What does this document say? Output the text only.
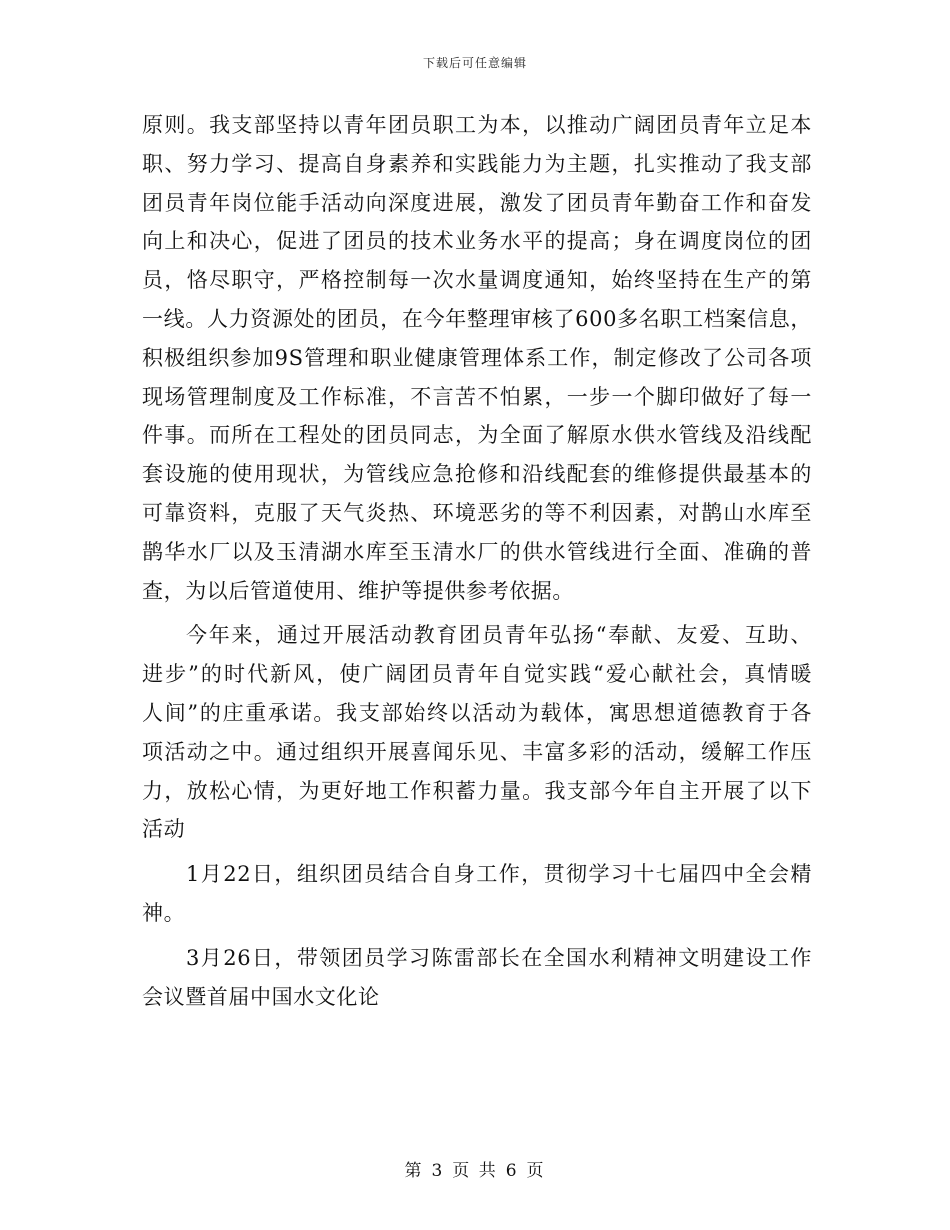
下载后可任意编辑
原则。我支部坚持以青年团员职工为本，以推动广阔团员青年立足本
职、努力学习、提高自身素养和实践能力为主题，扎实推动了我支部
团员青年岗位能手活动向深度进展，激发了团员青年勤奋工作和奋发
向上和决心，促进了团员的技术业务水平的提高；身在调度岗位的团
员，恪尽职守，严格控制每一次水量调度通知，始终坚持在生产的第
一线。人力资源处的团员，在今年整理审核了600多名职工档案信息，
积极组织参加9S管理和职业健康管理体系工作，制定修改了公司各项
现场管理制度及工作标准，不言苦不怕累，一步一个脚印做好了每一
件事。而所在工程处的团员同志，为全面了解原水供水管线及沿线配
套设施的使用现状，为管线应急抢修和沿线配套的维修提供最基本的
可靠资料，克服了天气炎热、环境恶劣的等不利因素，对鹊山水库至
鹊华水厂以及玉清湖水库至玉清水厂的供水管线进行全面、准确的普
查，为以后管道使用、维护等提供参考依据。
今年来，通过开展活动教育团员青年弘扬“奉献、友爱、互助、
进步”的时代新风，使广阔团员青年自觉实践“爱心献社会，真情暖
人间”的庄重承诺。我支部始终以活动为载体，寓思想道德教育于各
项活动之中。通过组织开展喜闻乐见、丰富多彩的活动，缓解工作压
力，放松心情，为更好地工作积蓄力量。我支部今年自主开展了以下
活动
1月22日，组织团员结合自身工作，贯彻学习十七届四中全会精
神。
3月26日，带领团员学习陈雷部长在全国水利精神文明建设工作
会议暨首届中国水文化论
第 3 页 共 6 页
